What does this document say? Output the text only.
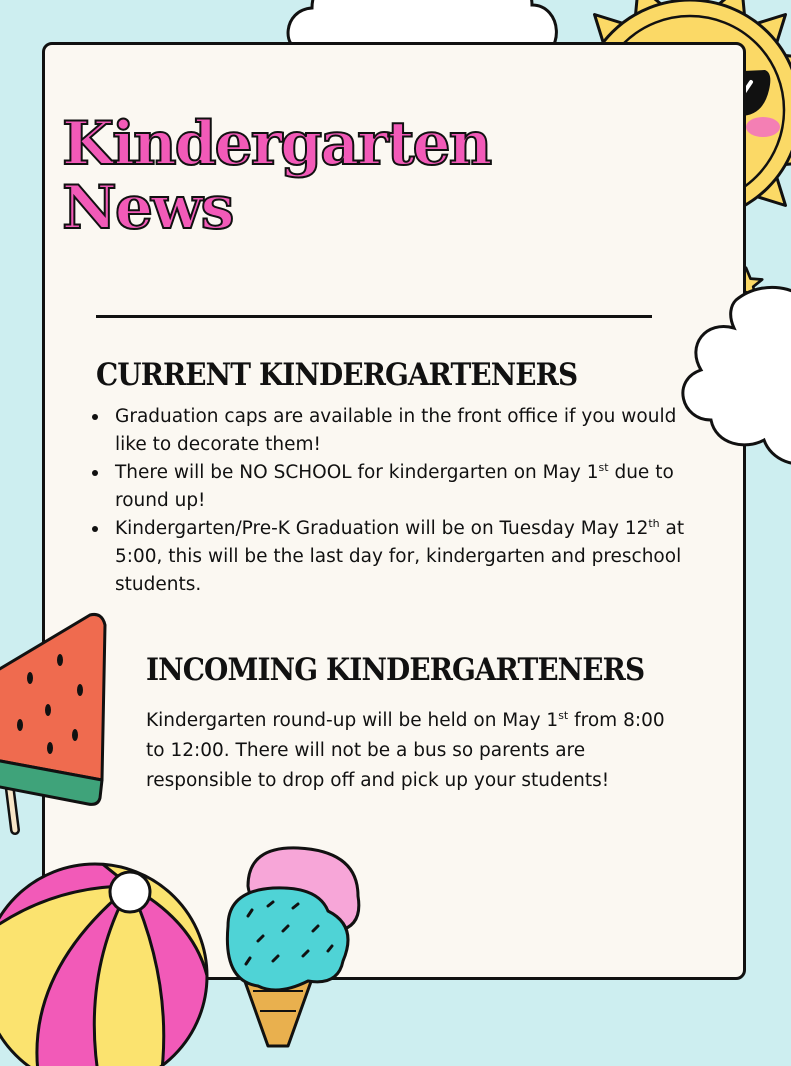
Kindergarten
News
CURRENT KINDERGARTENERS
Graduation caps are available in the front office if you would like to decorate them!
There will be NO SCHOOL for kindergarten on May 1st due to round up!
Kindergarten/Pre-K Graduation will be on Tuesday May 12th at 5:00, this will be the last day for, kindergarten and preschool students.
INCOMING KINDERGARTENERS

Kindergarten round-up will be held on May 1st from 8:00 to 12:00. There will not be a bus so parents are responsible to drop off and pick up your students!
